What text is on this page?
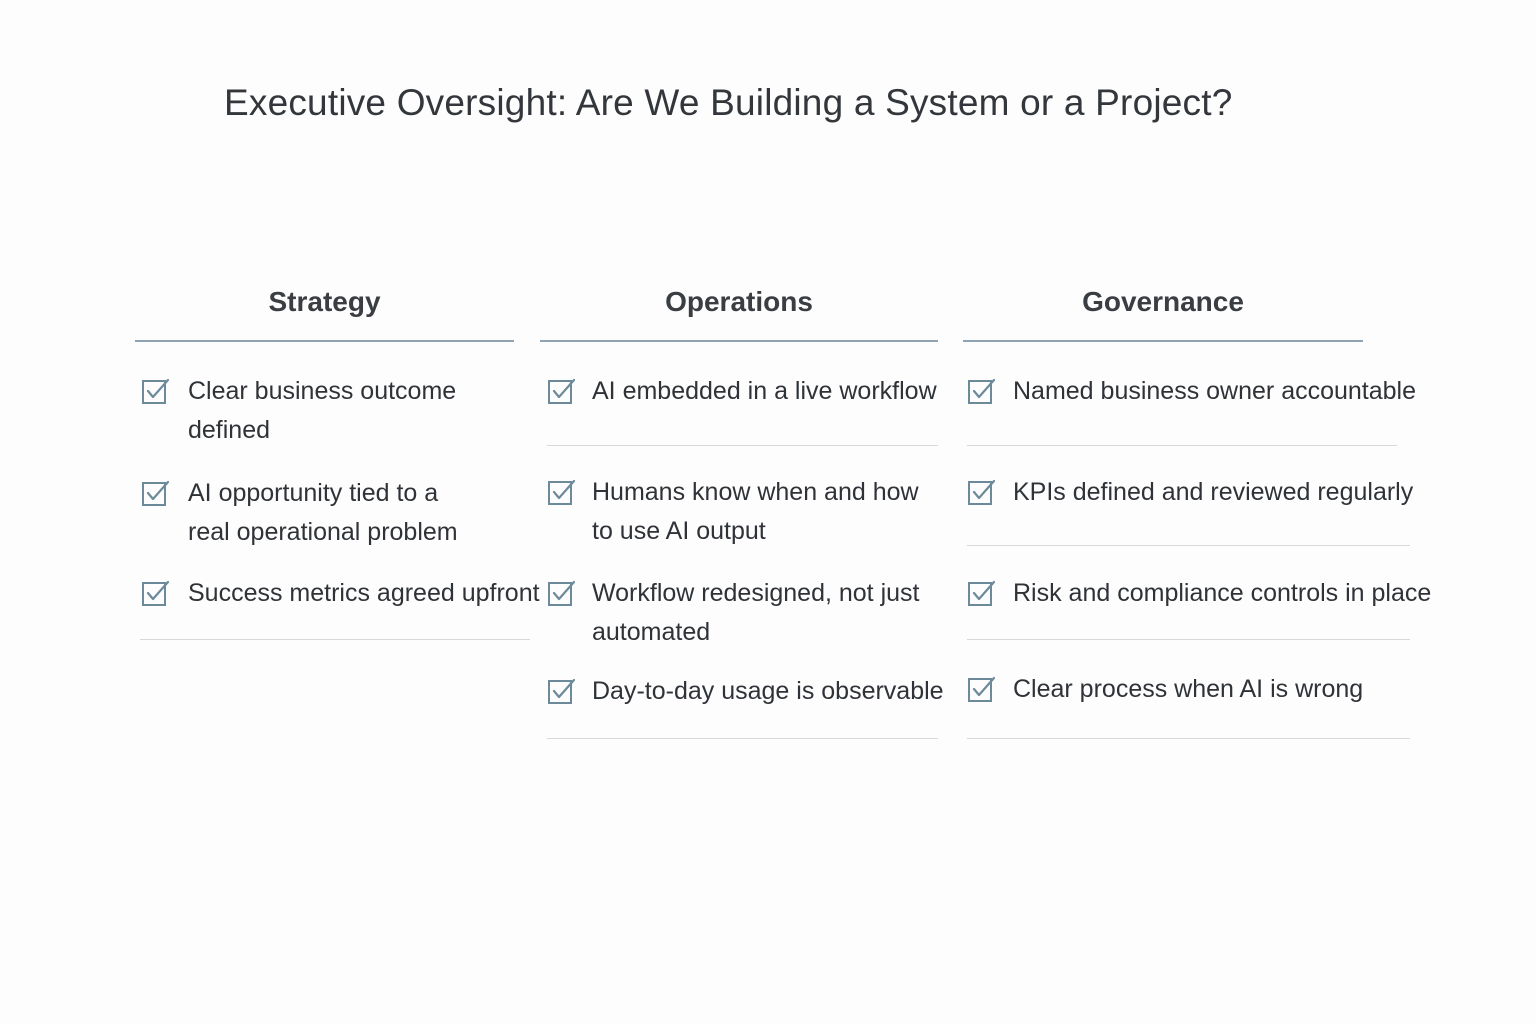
Executive Oversight: Are We Building a System or a Project?
Strategy
Clear business outcome
defined
AI opportunity tied to a
real operational problem
Success metrics agreed upfront
Operations
AI embedded in a live workflow
Humans know when and how
to use AI output
Workflow redesigned, not just
automated
Day-to-day usage is observable
Governance
Named business owner accountable
KPIs defined and reviewed regularly
Risk and compliance controls in place
Clear process when AI is wrong
